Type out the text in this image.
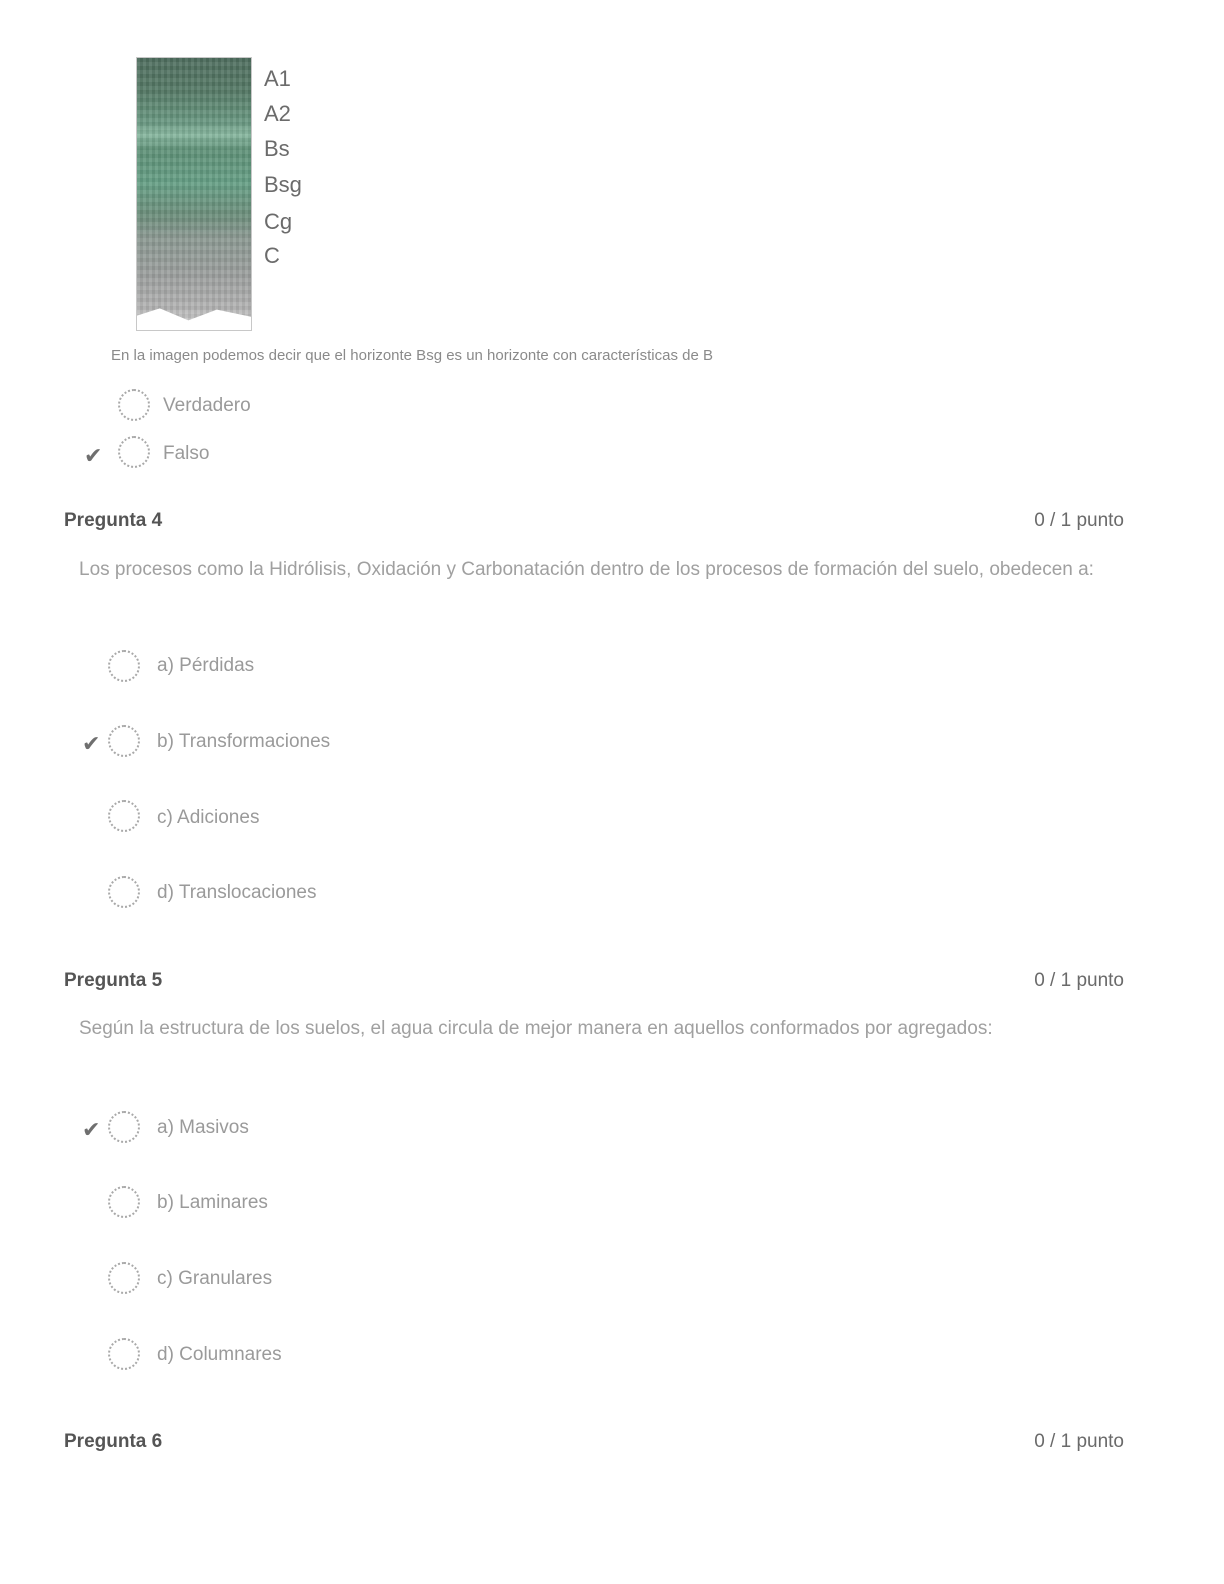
A1
A2
Bs
Bsg
Cg
C
En la imagen podemos decir que el horizonte Bsg es un horizonte con características de B
Verdadero
✔	Falso
Pregunta 4	0 / 1 punto
Los procesos como la Hidrólisis, Oxidación y Carbonatación dentro de los procesos de formación del suelo, obedecen a:
a) Pérdidas
✔	b) Transformaciones
c) Adiciones
d) Translocaciones
Pregunta 5	0 / 1 punto
Según la estructura de los suelos, el agua circula de mejor manera en aquellos conformados por agregados:
✔	a) Masivos
b) Laminares
c) Granulares
d) Columnares
Pregunta 6	0 / 1 punto
